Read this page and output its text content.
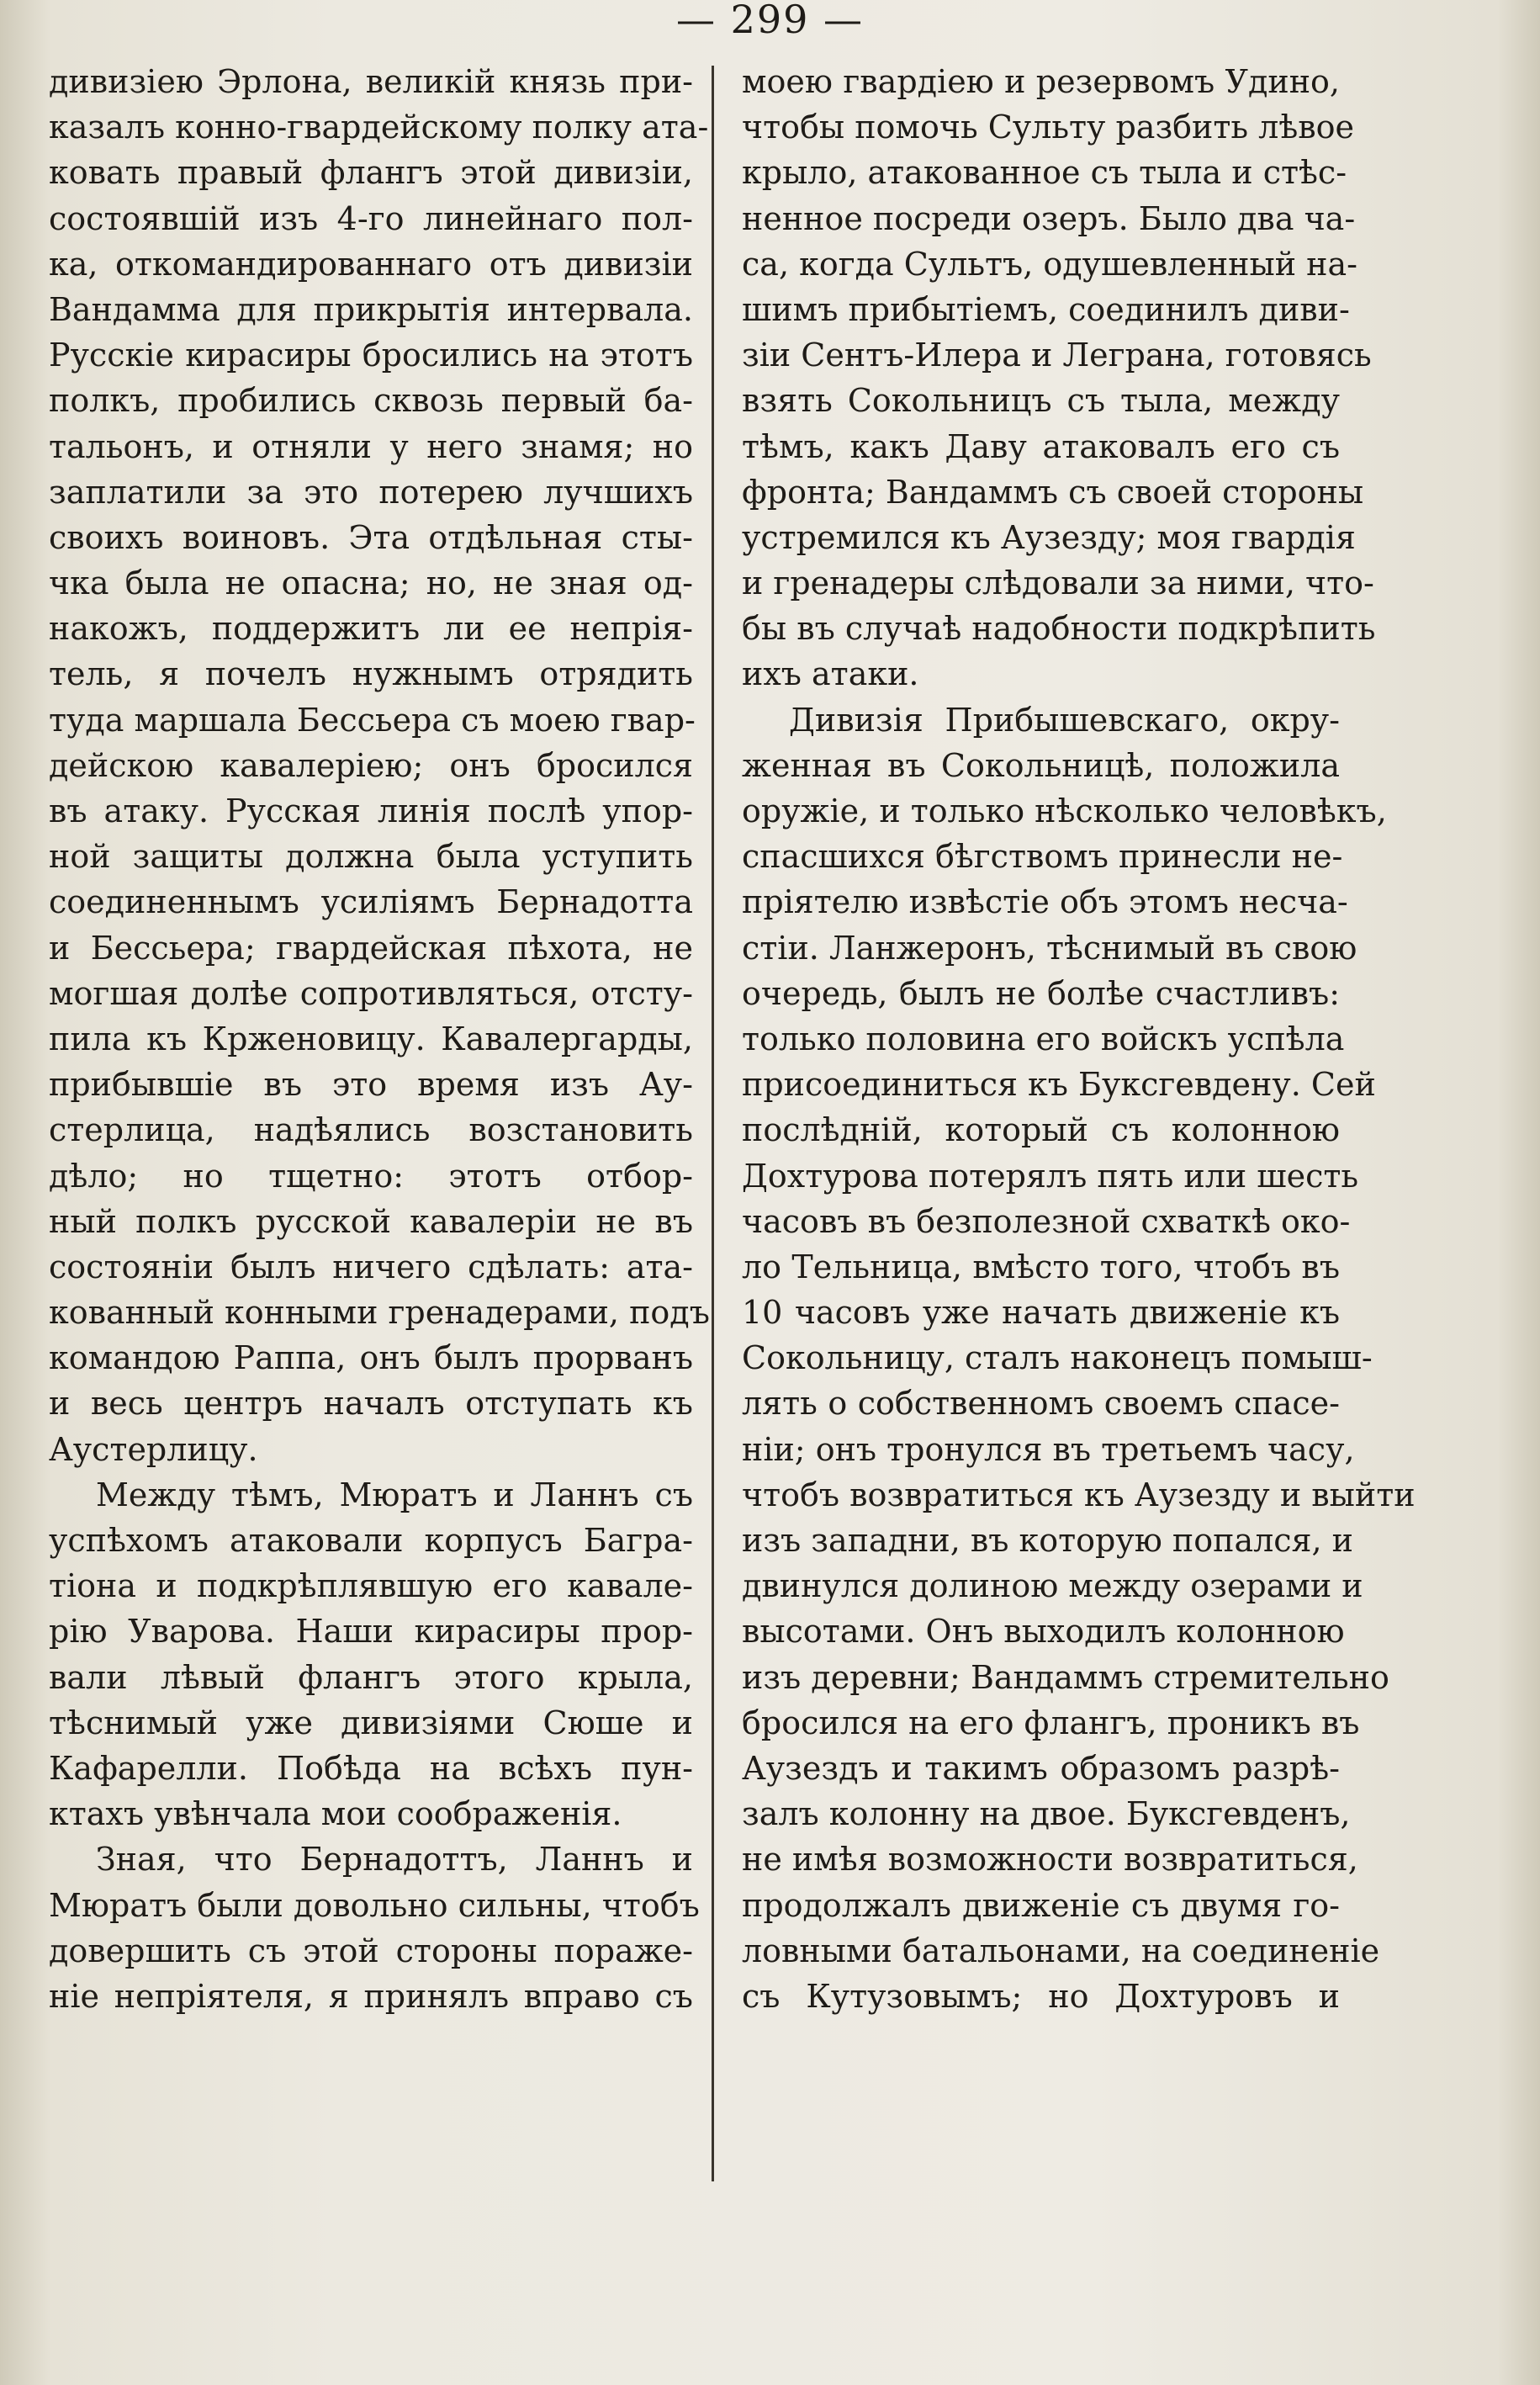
— 299 —
дивизiею Эрлона, великiй князь при-
казалъ конно-гвардейскому полку ата-
ковать правый флангъ этой дивизiи,
состоявшiй изъ 4-го линейнаго пол-
ка, откомандированнаго отъ дивизiи
Вандамма для прикрытiя интервала.
Русскiе кирасиры бросились на этотъ
полкъ, пробились сквозь первый ба-
тальонъ, и отняли у него знамя; но
заплатили за это потерею лучшихъ
своихъ воиновъ. Эта отдѣльная сты-
чка была не опасна; но, не зная од-
накожъ, поддержитъ ли ее непрiя-
тель, я почелъ нужнымъ отрядить
туда маршала Бессьера съ моею гвар-
дейскою кавалерiею; онъ бросился
въ атаку. Русская линiя послѣ упор-
ной защиты должна была уступить
соединеннымъ усилiямъ Бернадотта
и Бессьера; гвардейская пѣхота, не
могшая долѣе сопротивляться, отсту-
пила къ Крженовицу. Кавалергарды,
прибывшiе въ это время изъ Ау-
стерлица, надѣялись возстановить
дѣло; но тщетно: этотъ отбор-
ный полкъ русской кавалерiи не въ
состоянiи былъ ничего сдѣлать: ата-
кованный конными гренадерами, подъ
командою Раппа, онъ былъ прорванъ
и весь центръ началъ отступать къ
Аустерлицу.
Между тѣмъ, Мюратъ и Ланнъ съ
успѣхомъ атаковали корпусъ Багра-
тiона и подкрѣплявшую его кавале-
рiю Уварова. Наши кирасиры прор-
вали лѣвый флангъ этого крыла,
тѣснимый уже дивизiями Сюше и
Кафарелли. Побѣда на всѣхъ пун-
ктахъ увѣнчала мои соображенiя.
Зная, что Бернадоттъ, Ланнъ и
Мюратъ были довольно сильны, чтобъ
довершить съ этой стороны пораже-
нiе непрiятеля, я принялъ вправо съ
моею гвардiею и резервомъ Удино,
чтобы помочь Сульту разбить лѣвое
крыло, атакованное съ тыла и стѣс-
ненное посреди озеръ. Было два ча-
са, когда Сультъ, одушевленный на-
шимъ прибытiемъ, соединилъ диви-
зiи Сентъ-Илера и Леграна, готовясь
взять Сокольницъ съ тыла, между
тѣмъ, какъ Даву атаковалъ его съ
фронта; Вандаммъ съ своей стороны
устремился къ Аузезду; моя гвардiя
и гренадеры слѣдовали за ними, что-
бы въ случаѣ надобности подкрѣпить
ихъ атаки.
Дивизiя Прибышевскаго, окру-
женная въ Сокольницѣ, положила
оружiе, и только нѣсколько человѣкъ,
спасшихся бѣгствомъ принесли не-
прiятелю извѣстiе объ этомъ несча-
стiи. Ланжеронъ, тѣснимый въ свою
очередь, былъ не болѣе счастливъ:
только половина его войскъ успѣла
присоединиться къ Буксгевдену. Сей
послѣднiй, который съ колонною
Дохтурова потерялъ пять или шесть
часовъ въ безполезной схваткѣ око-
ло Тельница, вмѣсто того, чтобъ въ
10 часовъ уже начать движенiе къ
Сокольницу, сталъ наконецъ помыш-
лять о собственномъ своемъ спасе-
нiи; онъ тронулся въ третьемъ часу,
чтобъ возвратиться къ Аузезду и выйти
изъ западни, въ которую попался, и
двинулся долиною между озерами и
высотами. Онъ выходилъ колонною
изъ деревни; Вандаммъ стремительно
бросился на его флангъ, проникъ въ
Аузездъ и такимъ образомъ разрѣ-
залъ колонну на двое. Буксгевденъ,
не имѣя возможности возвратиться,
продолжалъ движенiе съ двумя го-
ловными батальонами, на соединенiе
съ Кутузовымъ; но Дохтуровъ и
